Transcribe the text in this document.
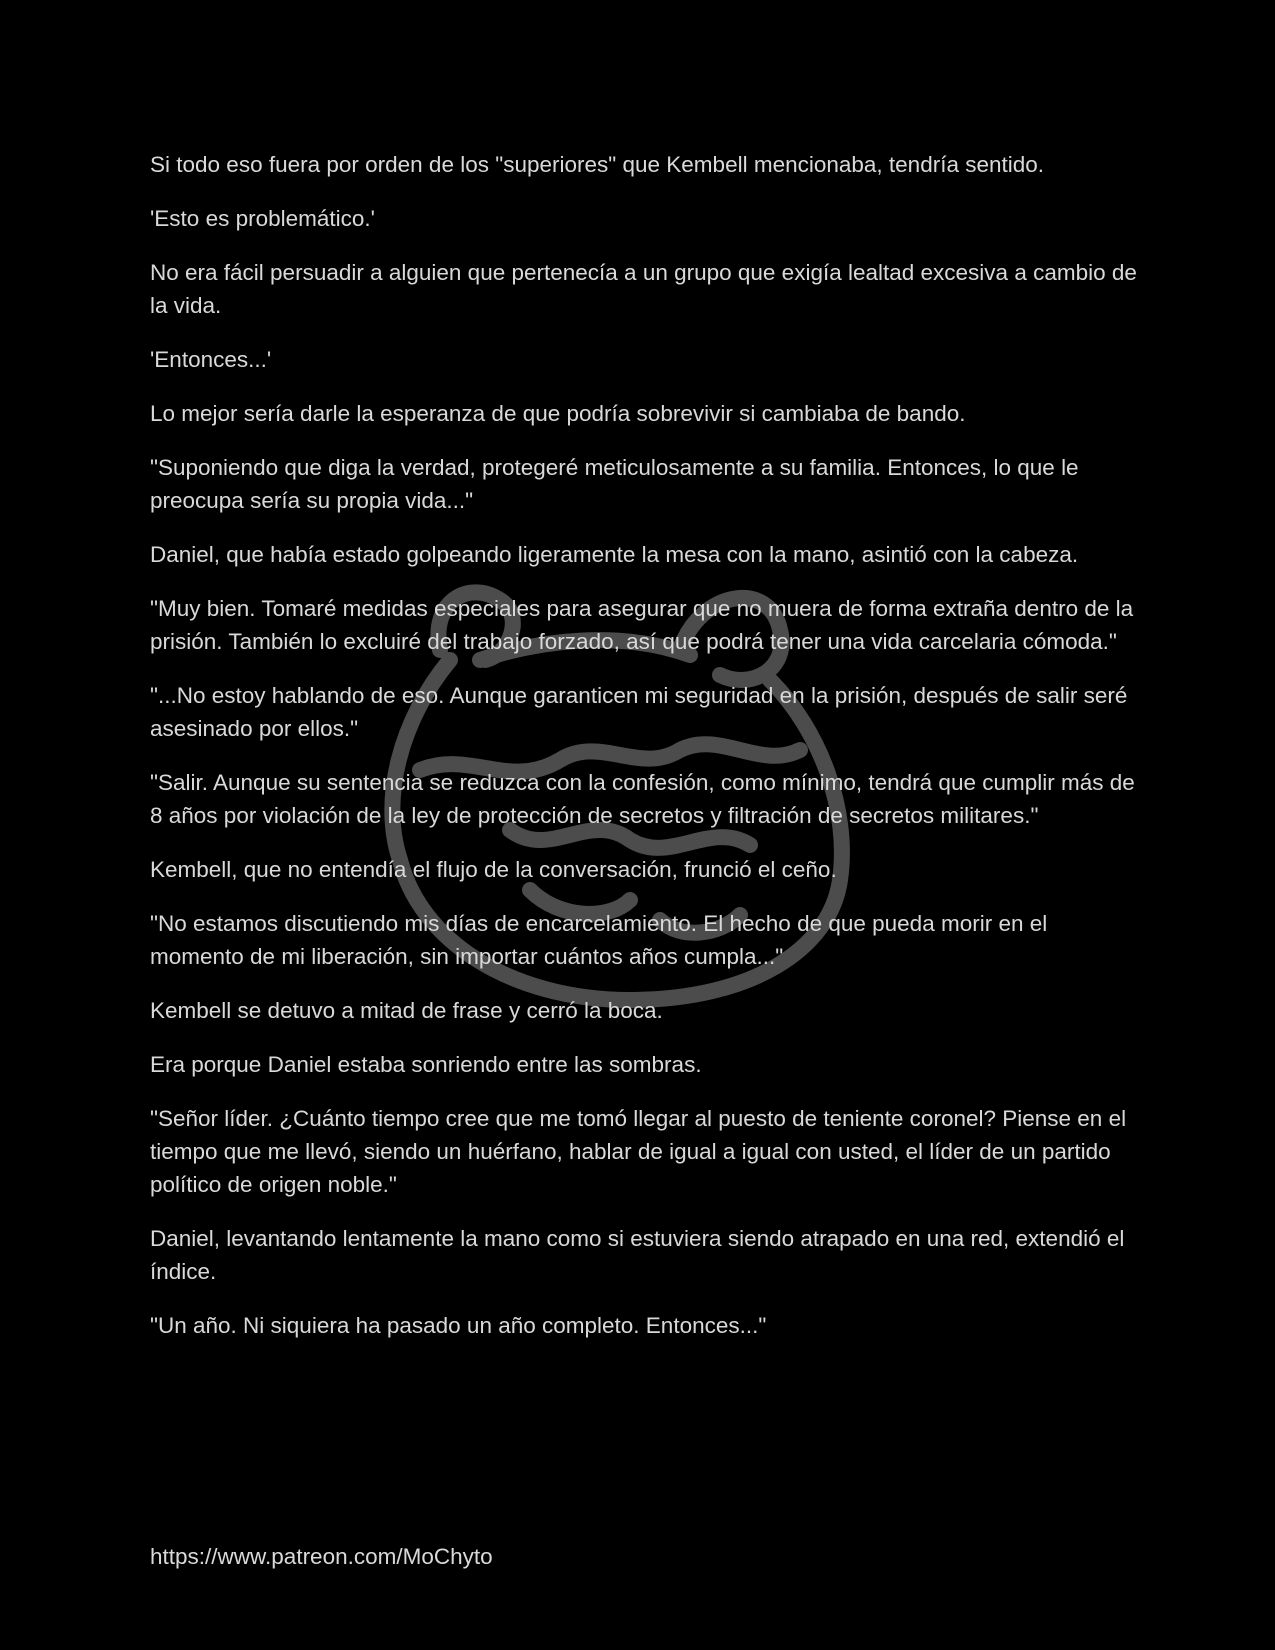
Si todo eso fuera por orden de los "superiores" que Kembell mencionaba, tendría sentido.

'Esto es problemático.'

No era fácil persuadir a alguien que pertenecía a un grupo que exigía lealtad excesiva a cambio de la vida.

'Entonces...'

Lo mejor sería darle la esperanza de que podría sobrevivir si cambiaba de bando.

"Suponiendo que diga la verdad, protegeré meticulosamente a su familia. Entonces, lo que le preocupa sería su propia vida..."

Daniel, que había estado golpeando ligeramente la mesa con la mano, asintió con la cabeza.

"Muy bien. Tomaré medidas especiales para asegurar que no muera de forma extraña dentro de la prisión. También lo excluiré del trabajo forzado, así que podrá tener una vida carcelaria cómoda."

"...No estoy hablando de eso. Aunque garanticen mi seguridad en la prisión, después de salir seré asesinado por ellos."

"Salir. Aunque su sentencia se reduzca con la confesión, como mínimo, tendrá que cumplir más de 8 años por violación de la ley de protección de secretos y filtración de secretos militares."

Kembell, que no entendía el flujo de la conversación, frunció el ceño.

"No estamos discutiendo mis días de encarcelamiento. El hecho de que pueda morir en el momento de mi liberación, sin importar cuántos años cumpla..."

Kembell se detuvo a mitad de frase y cerró la boca.

Era porque Daniel estaba sonriendo entre las sombras.

"Señor líder. ¿Cuánto tiempo cree que me tomó llegar al puesto de teniente coronel? Piense en el tiempo que me llevó, siendo un huérfano, hablar de igual a igual con usted, el líder de un partido político de origen noble."

Daniel, levantando lentamente la mano como si estuviera siendo atrapado en una red, extendió el índice.

"Un año. Ni siquiera ha pasado un año completo. Entonces..."

https://www.patreon.com/MoChyto
